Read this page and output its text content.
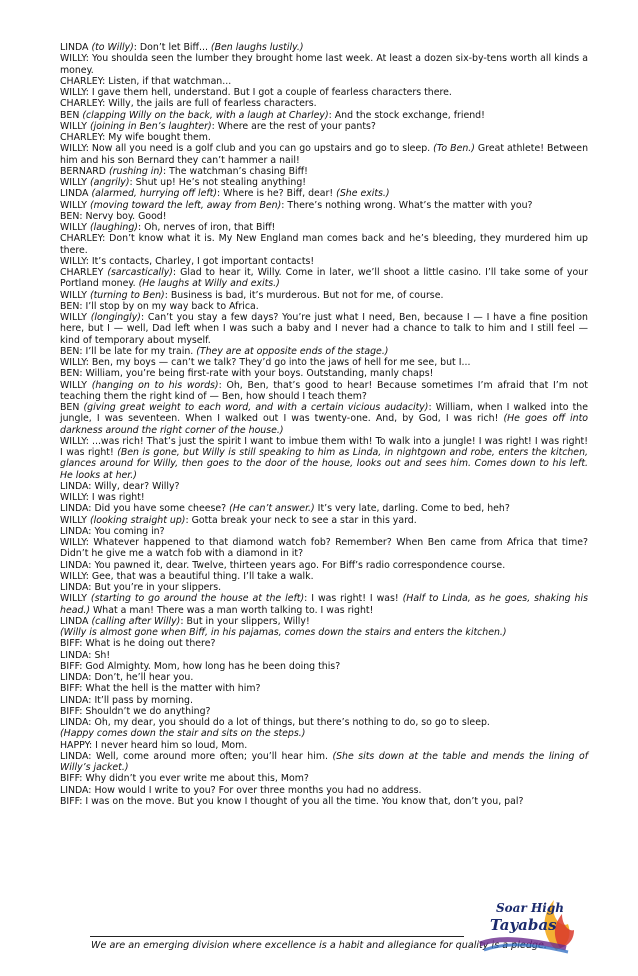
LINDA (to Willy): Don’t let Biff... (Ben laughs lustily.)

WILLY: You shoulda seen the lumber they brought home last week. At least a dozen six-by-tens worth all kinds a money.

CHARLEY: Listen, if that watchman...

WILLY: I gave them hell, understand. But I got a couple of fearless characters there.

CHARLEY: Willy, the jails are full of fearless characters.

BEN (clapping Willy on the back, with a laugh at Charley): And the stock exchange, friend!

WILLY (joining in Ben’s laughter): Where are the rest of your pants?

CHARLEY: My wife bought them.

WILLY: Now all you need is a golf club and you can go upstairs and go to sleep. (To Ben.) Great athlete! Between him and his son Bernard they can’t hammer a nail!

BERNARD (rushing in): The watchman’s chasing Biff!

WILLY (angrily): Shut up! He’s not stealing anything!

LINDA (alarmed, hurrying off left): Where is he? Biff, dear! (She exits.)

WILLY (moving toward the left, away from Ben): There’s nothing wrong. What’s the matter with you?

BEN: Nervy boy. Good!

WILLY (laughing): Oh, nerves of iron, that Biff!

CHARLEY: Don’t know what it is. My New England man comes back and he’s bleeding, they murdered him up there.

WILLY: It’s contacts, Charley, I got important contacts!

CHARLEY (sarcastically): Glad to hear it, Willy. Come in later, we’ll shoot a little casino. I’ll take some of your Portland money. (He laughs at Willy and exits.)

WILLY (turning to Ben): Business is bad, it’s murderous. But not for me, of course.

BEN: I’ll stop by on my way back to Africa.

WILLY (longingly): Can’t you stay a few days? You’re just what I need, Ben, because I — I have a fine position here, but I — well, Dad left when I was such a baby and I never had a chance to talk to him and I still feel — kind of temporary about myself.

BEN: I’ll be late for my train. (They are at opposite ends of the stage.)

WILLY: Ben, my boys — can’t we talk? They’d go into the jaws of hell for me see, but I...

BEN: William, you’re being first-rate with your boys. Outstanding, manly chaps!

WILLY (hanging on to his words): Oh, Ben, that’s good to hear! Because sometimes I’m afraid that I’m not teaching them the right kind of — Ben, how should I teach them?

BEN (giving great weight to each word, and with a certain vicious audacity): William, when I walked into the jungle, I was seventeen. When I walked out I was twenty-one. And, by God, I was rich! (He goes off into darkness around the right corner of the house.)

WILLY: ...was rich! That’s just the spirit I want to imbue them with! To walk into a jungle! I was right! I was right! I was right! (Ben is gone, but Willy is still speaking to him as Linda, in nightgown and robe, enters the kitchen, glances around for Willy, then goes to the door of the house, looks out and sees him. Comes down to his left. He looks at her.)

LINDA: Willy, dear? Willy?

WILLY: I was right!

LINDA: Did you have some cheese? (He can’t answer.) It’s very late, darling. Come to bed, heh?

WILLY (looking straight up): Gotta break your neck to see a star in this yard.

LINDA: You coming in?

WILLY: Whatever happened to that diamond watch fob? Remember? When Ben came from Africa that time? Didn’t he give me a watch fob with a diamond in it?

LINDA: You pawned it, dear. Twelve, thirteen years ago. For Biff’s radio correspondence course.

WILLY: Gee, that was a beautiful thing. I’ll take a walk.

LINDA: But you’re in your slippers.

WILLY (starting to go around the house at the left): I was right! I was! (Half to Linda, as he goes, shaking his head.) What a man! There was a man worth talking to. I was right!

LINDA (calling after Willy): But in your slippers, Willy!

(Willy is almost gone when Biff, in his pajamas, comes down the stairs and enters the kitchen.)

BIFF: What is he doing out there?

LINDA: Sh!

BIFF: God Almighty. Mom, how long has he been doing this?

LINDA: Don’t, he’ll hear you.

BIFF: What the hell is the matter with him?

LINDA: It’ll pass by morning.

BIFF: Shouldn’t we do anything?

LINDA: Oh, my dear, you should do a lot of things, but there’s nothing to do, so go to sleep.

(Happy comes down the stair and sits on the steps.)

HAPPY: I never heard him so loud, Mom.

LINDA: Well, come around more often; you’ll hear him. (She sits down at the table and mends the lining of Willy’s jacket.)

BIFF: Why didn’t you ever write me about this, Mom?

LINDA: How would I write to you? For over three months you had no address.

BIFF: I was on the move. But you know I thought of you all the time. You know that, don’t you, pal?

We are an emerging division where excellence is a habit and allegiance for quality is a pledge.
Soar High
Tayabas
